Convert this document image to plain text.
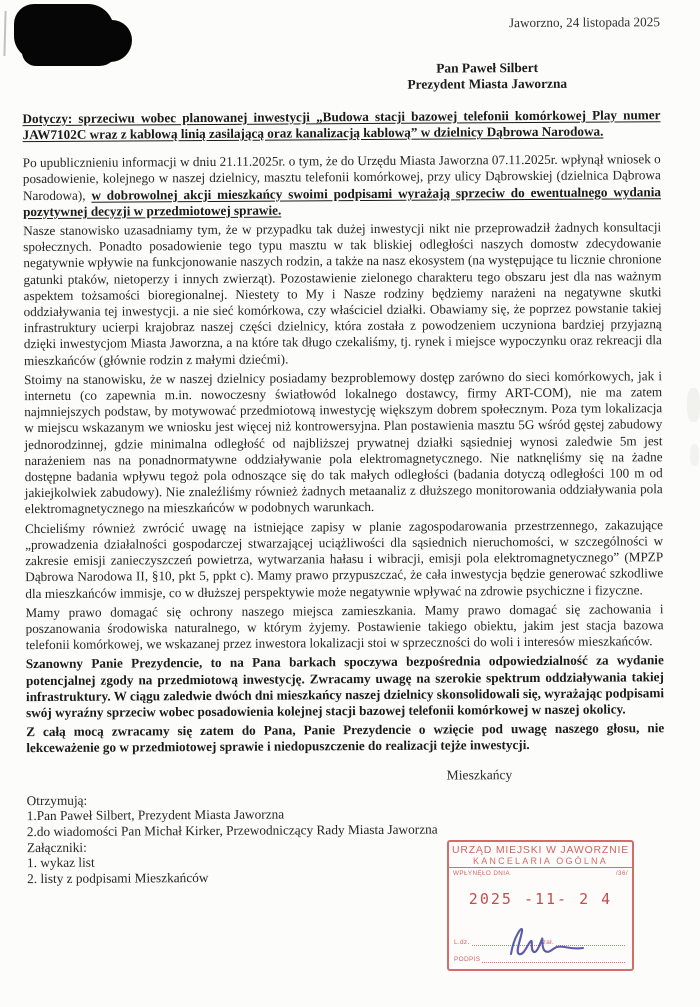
Jaworzno, 24 listopada 2025
Pan Paweł Silbert
Prezydent Miasta Jaworzna
Dotyczy: sprzeciwu wobec planowanej inwestycji „Budowa stacji bazowej telefonii komórkowej Play numer JAW7102C wraz z kablową linią zasilającą oraz kanalizacją kablową” w dzielnicy Dąbrowa Narodowa.
Po upublicznieniu informacji w dniu 21.11.2025r. o tym, że do Urzędu Miasta Jaworzna 07.11.2025r. wpłynął wniosek o posadowienie, kolejnego w naszej dzielnicy, masztu telefonii komórkowej, przy ulicy Dąbrowskiej (dzielnica Dąbrowa Narodowa), w dobrowolnej akcji mieszkańcy swoimi podpisami wyrażają sprzeciw do ewentualnego wydania pozytywnej decyzji w przedmiotowej sprawie.
Nasze stanowisko uzasadniamy tym, że w przypadku tak dużej inwestycji nikt nie przeprowadził żadnych konsultacji społecznych. Ponadto posadowienie tego typu masztu w tak bliskiej odległości naszych domostw zdecydowanie negatywnie wpływie na funkcjonowanie naszych rodzin, a także na nasz ekosystem (na występujące tu licznie chronione gatunki ptaków, nietoperzy i innych zwierząt). Pozostawienie zielonego charakteru tego obszaru jest dla nas ważnym aspektem tożsamości bioregionalnej. Niestety to My i Nasze rodziny będziemy narażeni na negatywne skutki oddziaływania tej inwestycji. a nie sieć komórkowa, czy właściciel działki. Obawiamy się, że poprzez powstanie takiej infrastruktury ucierpi krajobraz naszej części dzielnicy, która została z powodzeniem uczyniona bardziej przyjazną dzięki inwestycjom Miasta Jaworzna, a na które tak długo czekaliśmy, tj. rynek i miejsce wypoczynku oraz rekreacji dla mieszkańców (głównie rodzin z małymi dziećmi).
Stoimy na stanowisku, że w naszej dzielnicy posiadamy bezproblemowy dostęp zarówno do sieci komórkowych, jak i internetu (co zapewnia m.in. nowoczesny światłowód lokalnego dostawcy, firmy ART-COM), nie ma zatem najmniejszych podstaw, by motywować przedmiotową inwestycję większym dobrem społecznym. Poza tym lokalizacja w miejscu wskazanym we wniosku jest więcej niż kontrowersyjna. Plan postawienia masztu 5G wśród gęstej zabudowy jednorodzinnej, gdzie minimalna odległość od najbliższej prywatnej działki sąsiedniej wynosi zaledwie 5m jest narażeniem nas na ponadnormatywne oddziaływanie pola elektromagnetycznego. Nie natknęliśmy się na żadne dostępne badania wpływu tegoż pola odnoszące się do tak małych odległości (badania dotyczą odległości 100 m od jakiejkolwiek zabudowy). Nie znaleźliśmy również żadnych metaanaliz z dłuższego monitorowania oddziaływania pola elektromagnetycznego na mieszkańców w podobnych warunkach.
Chcieliśmy również zwrócić uwagę na istniejące zapisy w planie zagospodarowania przestrzennego, zakazujące „prowadzenia działalności gospodarczej stwarzającej uciążliwości dla sąsiednich nieruchomości, w szczególności w zakresie emisji zanieczyszczeń powietrza, wytwarzania hałasu i wibracji, emisji pola elektromagnetycznego” (MPZP Dąbrowa Narodowa II, §10, pkt 5, ppkt c). Mamy prawo przypuszczać, że cała inwestycja będzie generować szkodliwe dla mieszkańców immisje, co w dłuższej perspektywie może negatywnie wpływać na zdrowie psychiczne i fizyczne.
Mamy prawo domagać się ochrony naszego miejsca zamieszkania. Mamy prawo domagać się zachowania i poszanowania środowiska naturalnego, w którym żyjemy. Postawienie takiego obiektu, jakim jest stacja bazowa telefonii komórkowej, we wskazanej przez inwestora lokalizacji stoi w sprzeczności do woli i interesów mieszkańców.
Szanowny Panie Prezydencie, to na Pana barkach spoczywa bezpośrednia odpowiedzialność za wydanie potencjalnej zgody na przedmiotową inwestycję. Zwracamy uwagę na szerokie spektrum oddziaływania takiej infrastruktury. W ciągu zaledwie dwóch dni mieszkańcy naszej dzielnicy skonsolidowali się, wyrażając podpisami swój wyraźny sprzeciw wobec posadowienia kolejnej stacji bazowej telefonii komórkowej w naszej okolicy.
Z całą mocą zwracamy się zatem do Pana, Panie Prezydencie o wzięcie pod uwagę naszego głosu, nie lekceważenie go w przedmiotowej sprawie i niedopuszczenie do realizacji tejże inwestycji.
Mieszkańcy
Otrzymują:
1.Pan Paweł Silbert, Prezydent Miasta Jaworzna
2.do wiadomości Pan Michał Kirker, Przewodniczący Rady Miasta Jaworzna
Załączniki:
1. wykaz list
2. listy z podpisami Mieszkańców
URZĄD MIEJSKI W JAWORZNIE
KANCELARIA OGÓLNA
WPŁYNĘŁO DNIA	/36/
2025 -11- 2 4
L.dz.	zał.
PODPIS
